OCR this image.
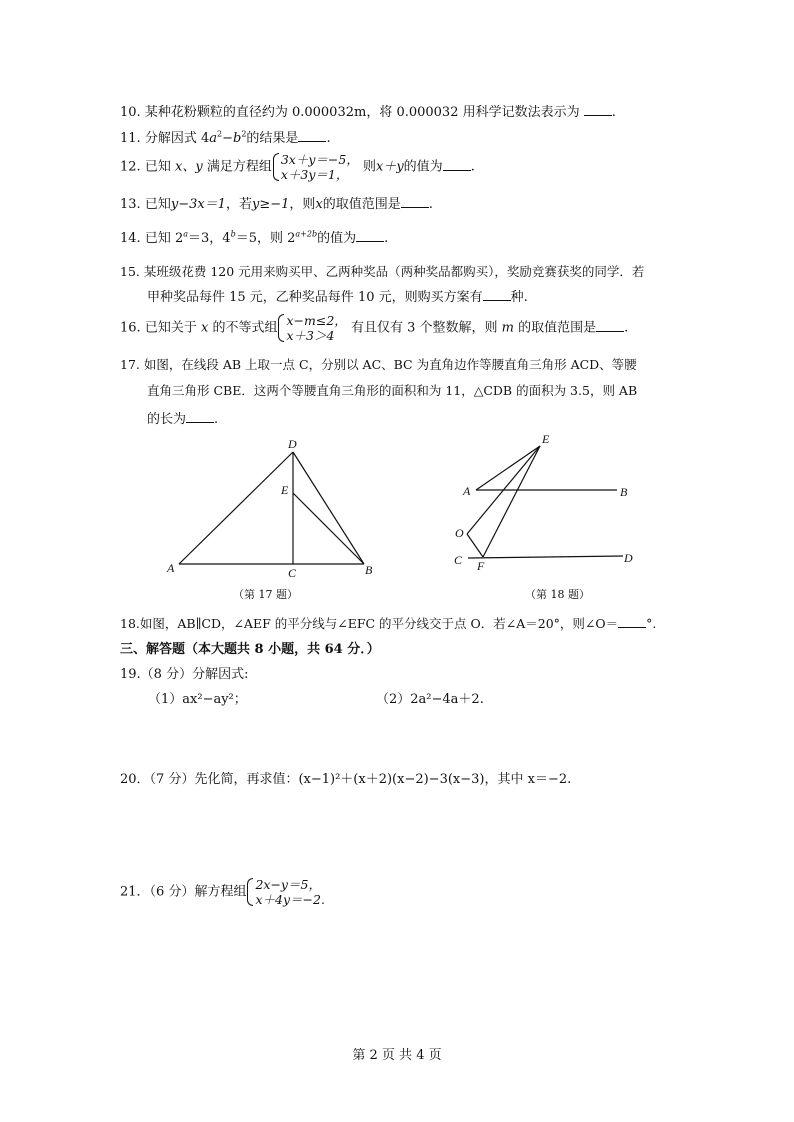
10. 某种花粉颗粒的直径约为 0.000032m，将 0.000032 用科学记数法表示为 .
11. 分解因式 $4a^2-b^2$的结果是 .
12. 已知 x、y 满足方程组 3x＋y＝−5，
x＋3y＝1，	则x＋y的值为 .
13. 已知y−3x＝1，若y≥−1，则x的取值范围是 .
14. 已知 $2^a=3$，$4^b=5$，则 $2^{a+2b}$的值为 .
15. 某班级花费 120 元用来购买甲、乙两种奖品（两种奖品都购买），奖励竞赛获奖的同学．若
甲种奖品每件 15 元，乙种奖品每件 10 元，则购买方案有 种.
16. 已知关于 x 的不等式组 x−m≤2，
x＋3＞4	有且仅有 3 个整数解，则 m 的取值范围是 .
17. 如图，在线段 AB 上取一点 C，分别以 AC、BC 为直角边作等腰直角三角形 ACD、等腰
直角三角形 CBE．这两个等腰直角三角形的面积和为 11，△CDB 的面积为 3.5，则 AB
的长为 .
D
E
A	C	B
E
A	B
O
C F
D
（第 17 题）	（第 18 题）
18.如图，AB∥CD，∠AEF 的平分线与∠EFC 的平分线交于点 O．若∠A＝20°，则∠O＝ °.
三、解答题（本大题共 8 小题，共 64 分．）
19.（8 分）分解因式:
（1）ax²−ay²；	（2）2a²−4a＋2.
20．（7 分）先化简，再求值：(x−1)²＋(x＋2)(x−2)−3(x−3)，其中 x＝−2.
21．（6 分）解方程组 2x−y＝5，
x＋4y＝−2.
第 2 页 共 4 页
